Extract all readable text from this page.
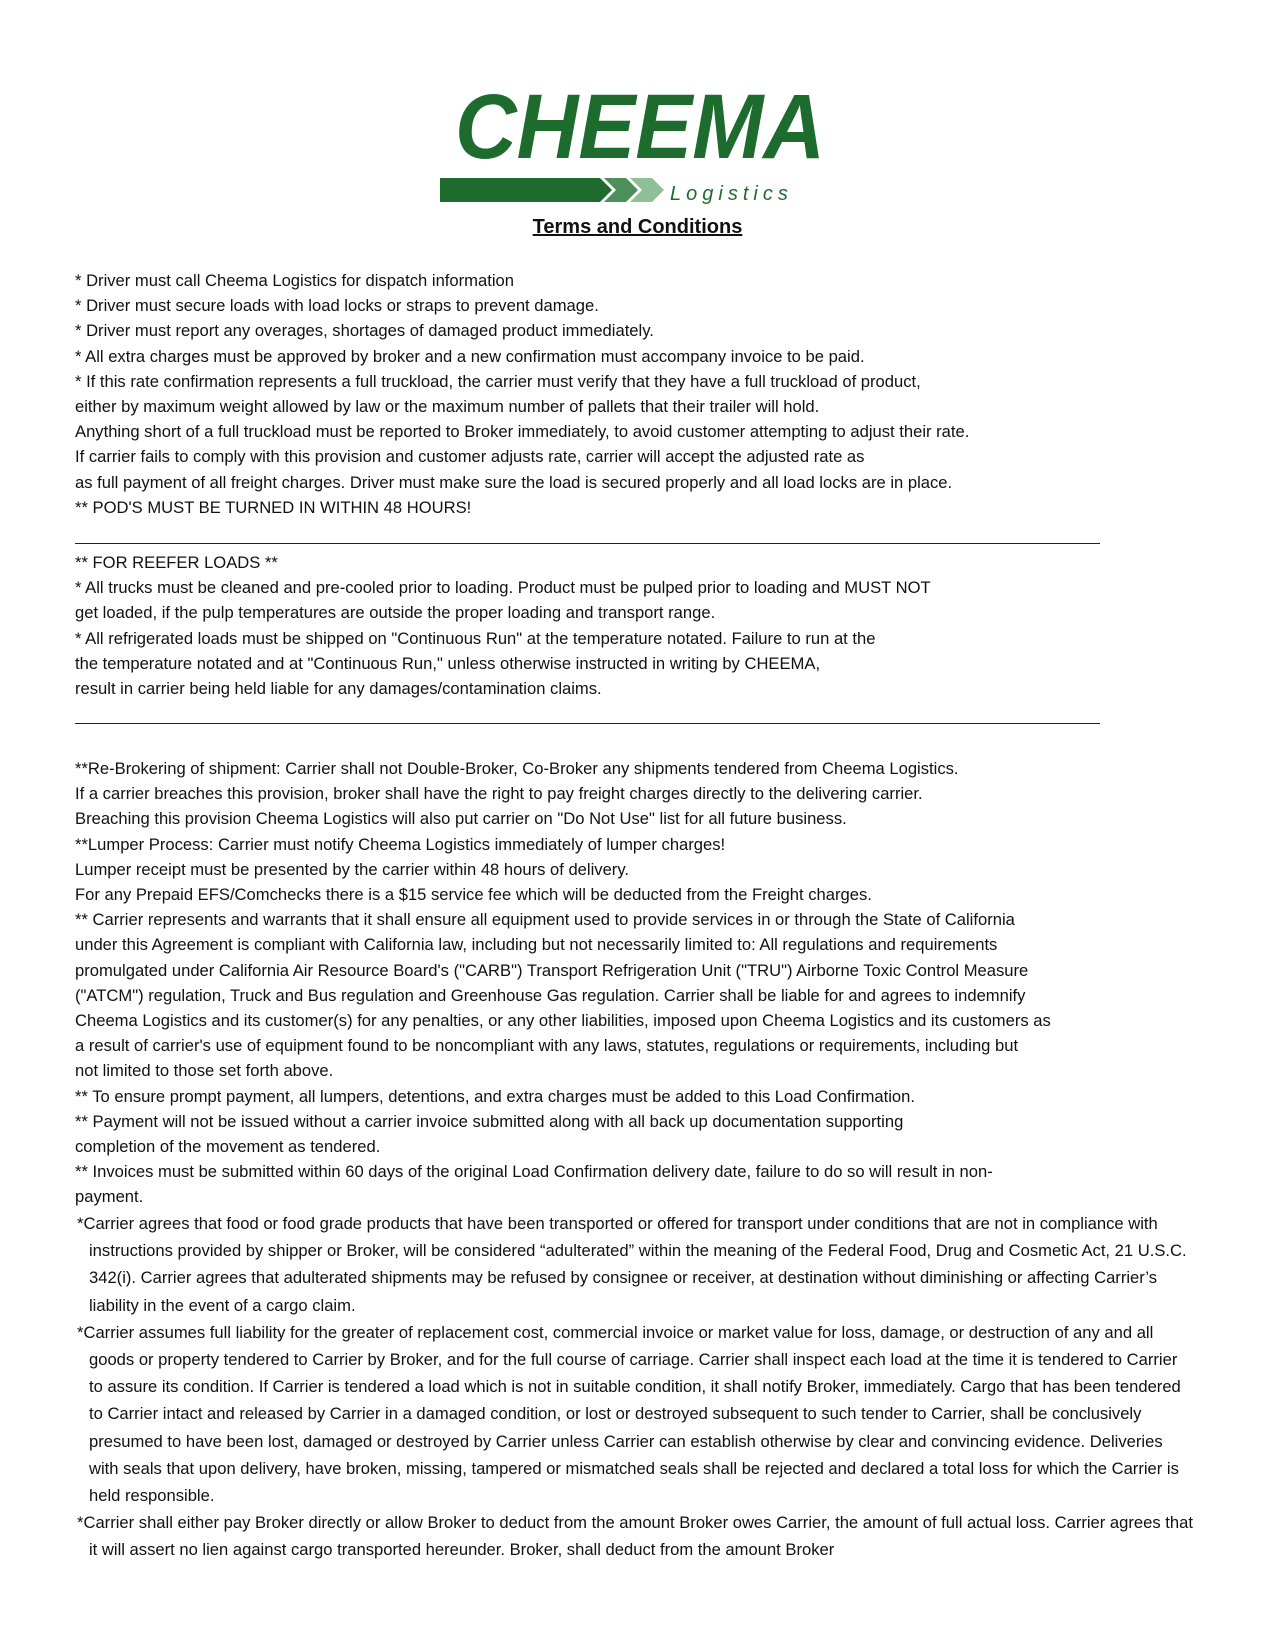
CHEEMA
Logistics
Terms and Conditions

* Driver must call Cheema Logistics for dispatch information

* Driver must secure loads with load locks or straps to prevent damage.

* Driver must report any overages, shortages of damaged product immediately.

* All extra charges must be approved by broker and a new confirmation must accompany invoice to be paid.

* If this rate confirmation represents a full truckload, the carrier must verify that they have a full truckload of product,

either by maximum weight allowed by law or the maximum number of pallets that their trailer will hold.

Anything short of a full truckload must be reported to Broker immediately, to avoid customer attempting to adjust their rate.

If carrier fails to comply with this provision and customer adjusts rate, carrier will accept the adjusted rate as

as full payment of all freight charges. Driver must make sure the load is secured properly and all load locks are in place.

** POD'S MUST BE TURNED IN WITHIN 48 HOURS!

** FOR REEFER LOADS **

* All trucks must be cleaned and pre-cooled prior to loading. Product must be pulped prior to loading and MUST NOT

get loaded, if the pulp temperatures are outside the proper loading and transport range.

* All refrigerated loads must be shipped on "Continuous Run" at the temperature notated. Failure to run at the

the temperature notated and at "Continuous Run," unless otherwise instructed in writing by CHEEMA,

result in carrier being held liable for any damages/contamination claims.

**Re-Brokering of shipment: Carrier shall not Double-Broker, Co-Broker any shipments tendered from Cheema Logistics.

If a carrier breaches this provision, broker shall have the right to pay freight charges directly to the delivering carrier.

Breaching this provision Cheema Logistics will also put carrier on "Do Not Use" list for all future business.

**Lumper Process: Carrier must notify Cheema Logistics immediately of lumper charges!

Lumper receipt must be presented by the carrier within 48 hours of delivery.

For any Prepaid EFS/Comchecks there is a $15 service fee which will be deducted from the Freight charges.

** Carrier represents and warrants that it shall ensure all equipment used to provide services in or through the State of California

under this Agreement is compliant with California law, including but not necessarily limited to: All regulations and requirements

promulgated under California Air Resource Board's ("CARB") Transport Refrigeration Unit ("TRU") Airborne Toxic Control Measure

("ATCM") regulation, Truck and Bus regulation and Greenhouse Gas regulation. Carrier shall be liable for and agrees to indemnify

Cheema Logistics and its customer(s) for any penalties, or any other liabilities, imposed upon Cheema Logistics and its customers as

a result of carrier's use of equipment found to be noncompliant with any laws, statutes, regulations or requirements, including but

not limited to those set forth above.

** To ensure prompt payment, all lumpers, detentions, and extra charges must be added to this Load Confirmation.

** Payment will not be issued without a carrier invoice submitted along with all back up documentation supporting

completion of the movement as tendered.

** Invoices must be submitted within 60 days of the original Load Confirmation delivery date, failure to do so will result in non-

payment.

*Carrier agrees that food or food grade products that have been transported or offered for transport under conditions that are not in compliance with instructions provided by shipper or Broker, will be considered “adulterated” within the meaning of the Federal Food, Drug and Cosmetic Act, 21 U.S.C. 342(i). Carrier agrees that adulterated shipments may be refused by consignee or receiver, at destination without diminishing or affecting Carrier’s liability in the event of a cargo claim.

*Carrier assumes full liability for the greater of replacement cost, commercial invoice or market value for loss, damage, or destruction of any and all goods or property tendered to Carrier by Broker, and for the full course of carriage. Carrier shall inspect each load at the time it is tendered to Carrier to assure its condition. If Carrier is tendered a load which is not in suitable condition, it shall notify Broker, immediately. Cargo that has been tendered to Carrier intact and released by Carrier in a damaged condition, or lost or destroyed subsequent to such tender to Carrier, shall be conclusively presumed to have been lost, damaged or destroyed by Carrier unless Carrier can establish otherwise by clear and convincing evidence. Deliveries with seals that upon delivery, have broken, missing, tampered or mismatched seals shall be rejected and declared a total loss for which the Carrier is held responsible.

*Carrier shall either pay Broker directly or allow Broker to deduct from the amount Broker owes Carrier, the amount of full actual loss. Carrier agrees that it will assert no lien against cargo transported hereunder. Broker, shall deduct from the amount Broker
